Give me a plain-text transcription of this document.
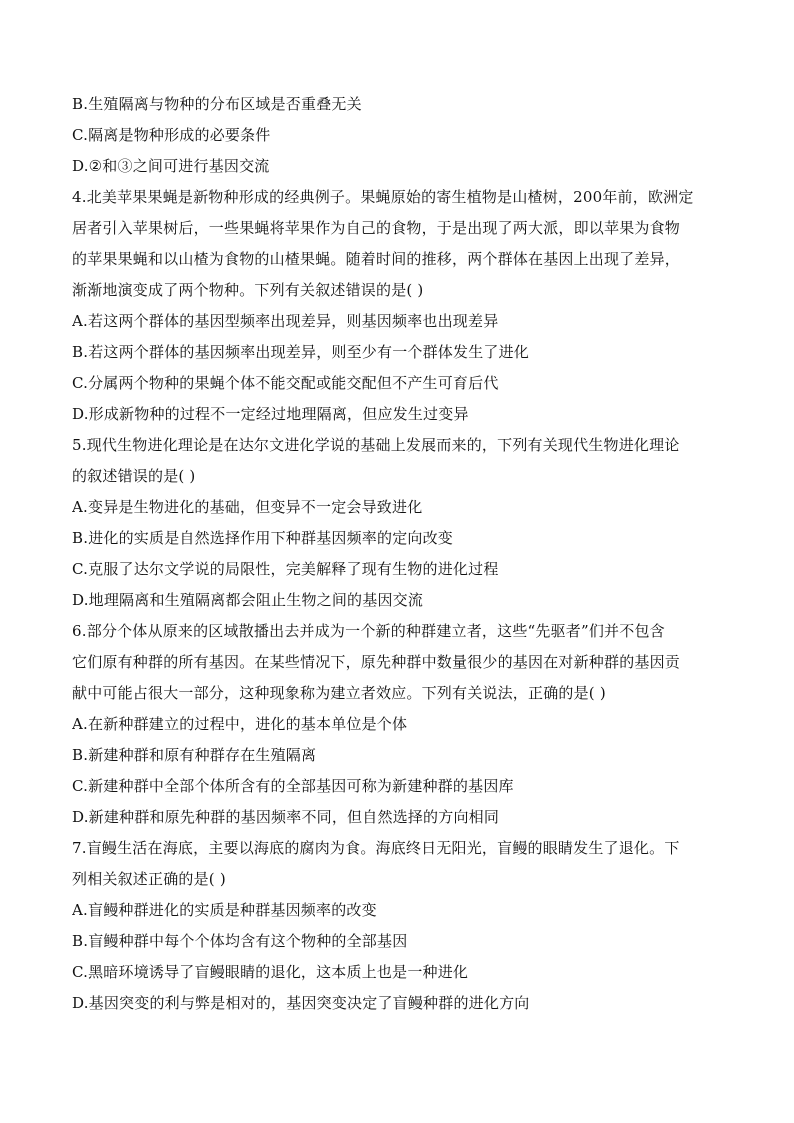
B.生殖隔离与物种的分布区域是否重叠无关
C.隔离是物种形成的必要条件
D.②和③之间可进行基因交流
4.北美苹果果蝇是新物种形成的经典例子。果蝇原始的寄生植物是山楂树，200年前，欧洲定
居者引入苹果树后，一些果蝇将苹果作为自己的食物，于是出现了两大派，即以苹果为食物
的苹果果蝇和以山楂为食物的山楂果蝇。随着时间的推移，两个群体在基因上出现了差异，
渐渐地演变成了两个物种。下列有关叙述错误的是( )
A.若这两个群体的基因型频率出现差异，则基因频率也出现差异
B.若这两个群体的基因频率出现差异，则至少有一个群体发生了进化
C.分属两个物种的果蝇个体不能交配或能交配但不产生可育后代
D.形成新物种的过程不一定经过地理隔离，但应发生过变异
5.现代生物进化理论是在达尔文进化学说的基础上发展而来的，下列有关现代生物进化理论
的叙述错误的是( )
A.变异是生物进化的基础，但变异不一定会导致进化
B.进化的实质是自然选择作用下种群基因频率的定向改变
C.克服了达尔文学说的局限性，完美解释了现有生物的进化过程
D.地理隔离和生殖隔离都会阻止生物之间的基因交流
6.部分个体从原来的区域散播出去并成为一个新的种群建立者，这些“先驱者”们并不包含
它们原有种群的所有基因。在某些情况下，原先种群中数量很少的基因在对新种群的基因贡
献中可能占很大一部分，这种现象称为建立者效应。下列有关说法，正确的是( )
A.在新种群建立的过程中，进化的基本单位是个体
B.新建种群和原有种群存在生殖隔离
C.新建种群中全部个体所含有的全部基因可称为新建种群的基因库
D.新建种群和原先种群的基因频率不同，但自然选择的方向相同
7.盲鳗生活在海底，主要以海底的腐肉为食。海底终日无阳光，盲鳗的眼睛发生了退化。下
列相关叙述正确的是( )
A.盲鳗种群进化的实质是种群基因频率的改变
B.盲鳗种群中每个个体均含有这个物种的全部基因
C.黑暗环境诱导了盲鳗眼睛的退化，这本质上也是一种进化
D.基因突变的利与弊是相对的，基因突变决定了盲鳗种群的进化方向
